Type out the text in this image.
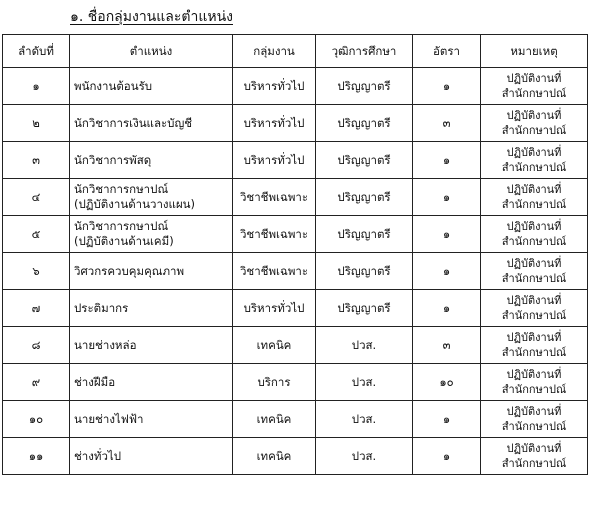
๑. ชื่อกลุ่มงานและตำแหน่ง
ลำดับที่	ตำแหน่ง	กลุ่มงาน	วุฒิการศึกษา	อัตรา	หมายเหตุ
๑	พนักงานต้อนรับ	บริหารทั่วไป	ปริญญาตรี	๑	ปฏิบัติงานที่
สำนักกษาปณ์

๒	นักวิชาการเงินและบัญชี	บริหารทั่วไป	ปริญญาตรี	๓	ปฏิบัติงานที่
สำนักกษาปณ์

๓	นักวิชาการพัสดุ	บริหารทั่วไป	ปริญญาตรี	๑	ปฏิบัติงานที่
สำนักกษาปณ์

๔	นักวิชาการกษาปณ์
(ปฏิบัติงานด้านวางแผน)	วิชาชีพเฉพาะ	ปริญญาตรี	๑	ปฏิบัติงานที่
สำนักกษาปณ์

๕	นักวิชาการกษาปณ์
(ปฏิบัติงานด้านเคมี)	วิชาชีพเฉพาะ	ปริญญาตรี	๑	ปฏิบัติงานที่
สำนักกษาปณ์

๖	วิศวกรควบคุมคุณภาพ	วิชาชีพเฉพาะ	ปริญญาตรี	๑	ปฏิบัติงานที่
สำนักกษาปณ์

๗	ประติมากร	บริหารทั่วไป	ปริญญาตรี	๑	ปฏิบัติงานที่
สำนักกษาปณ์

๘	นายช่างหล่อ	เทคนิค	ปวส.	๓	ปฏิบัติงานที่
สำนักกษาปณ์

๙	ช่างฝีมือ	บริการ	ปวส.	๑๐	ปฏิบัติงานที่
สำนักกษาปณ์

๑๐	นายช่างไฟฟ้า	เทคนิค	ปวส.	๑	ปฏิบัติงานที่
สำนักกษาปณ์

๑๑	ช่างทั่วไป	เทคนิค	ปวส.	๑	ปฏิบัติงานที่
สำนักกษาปณ์
